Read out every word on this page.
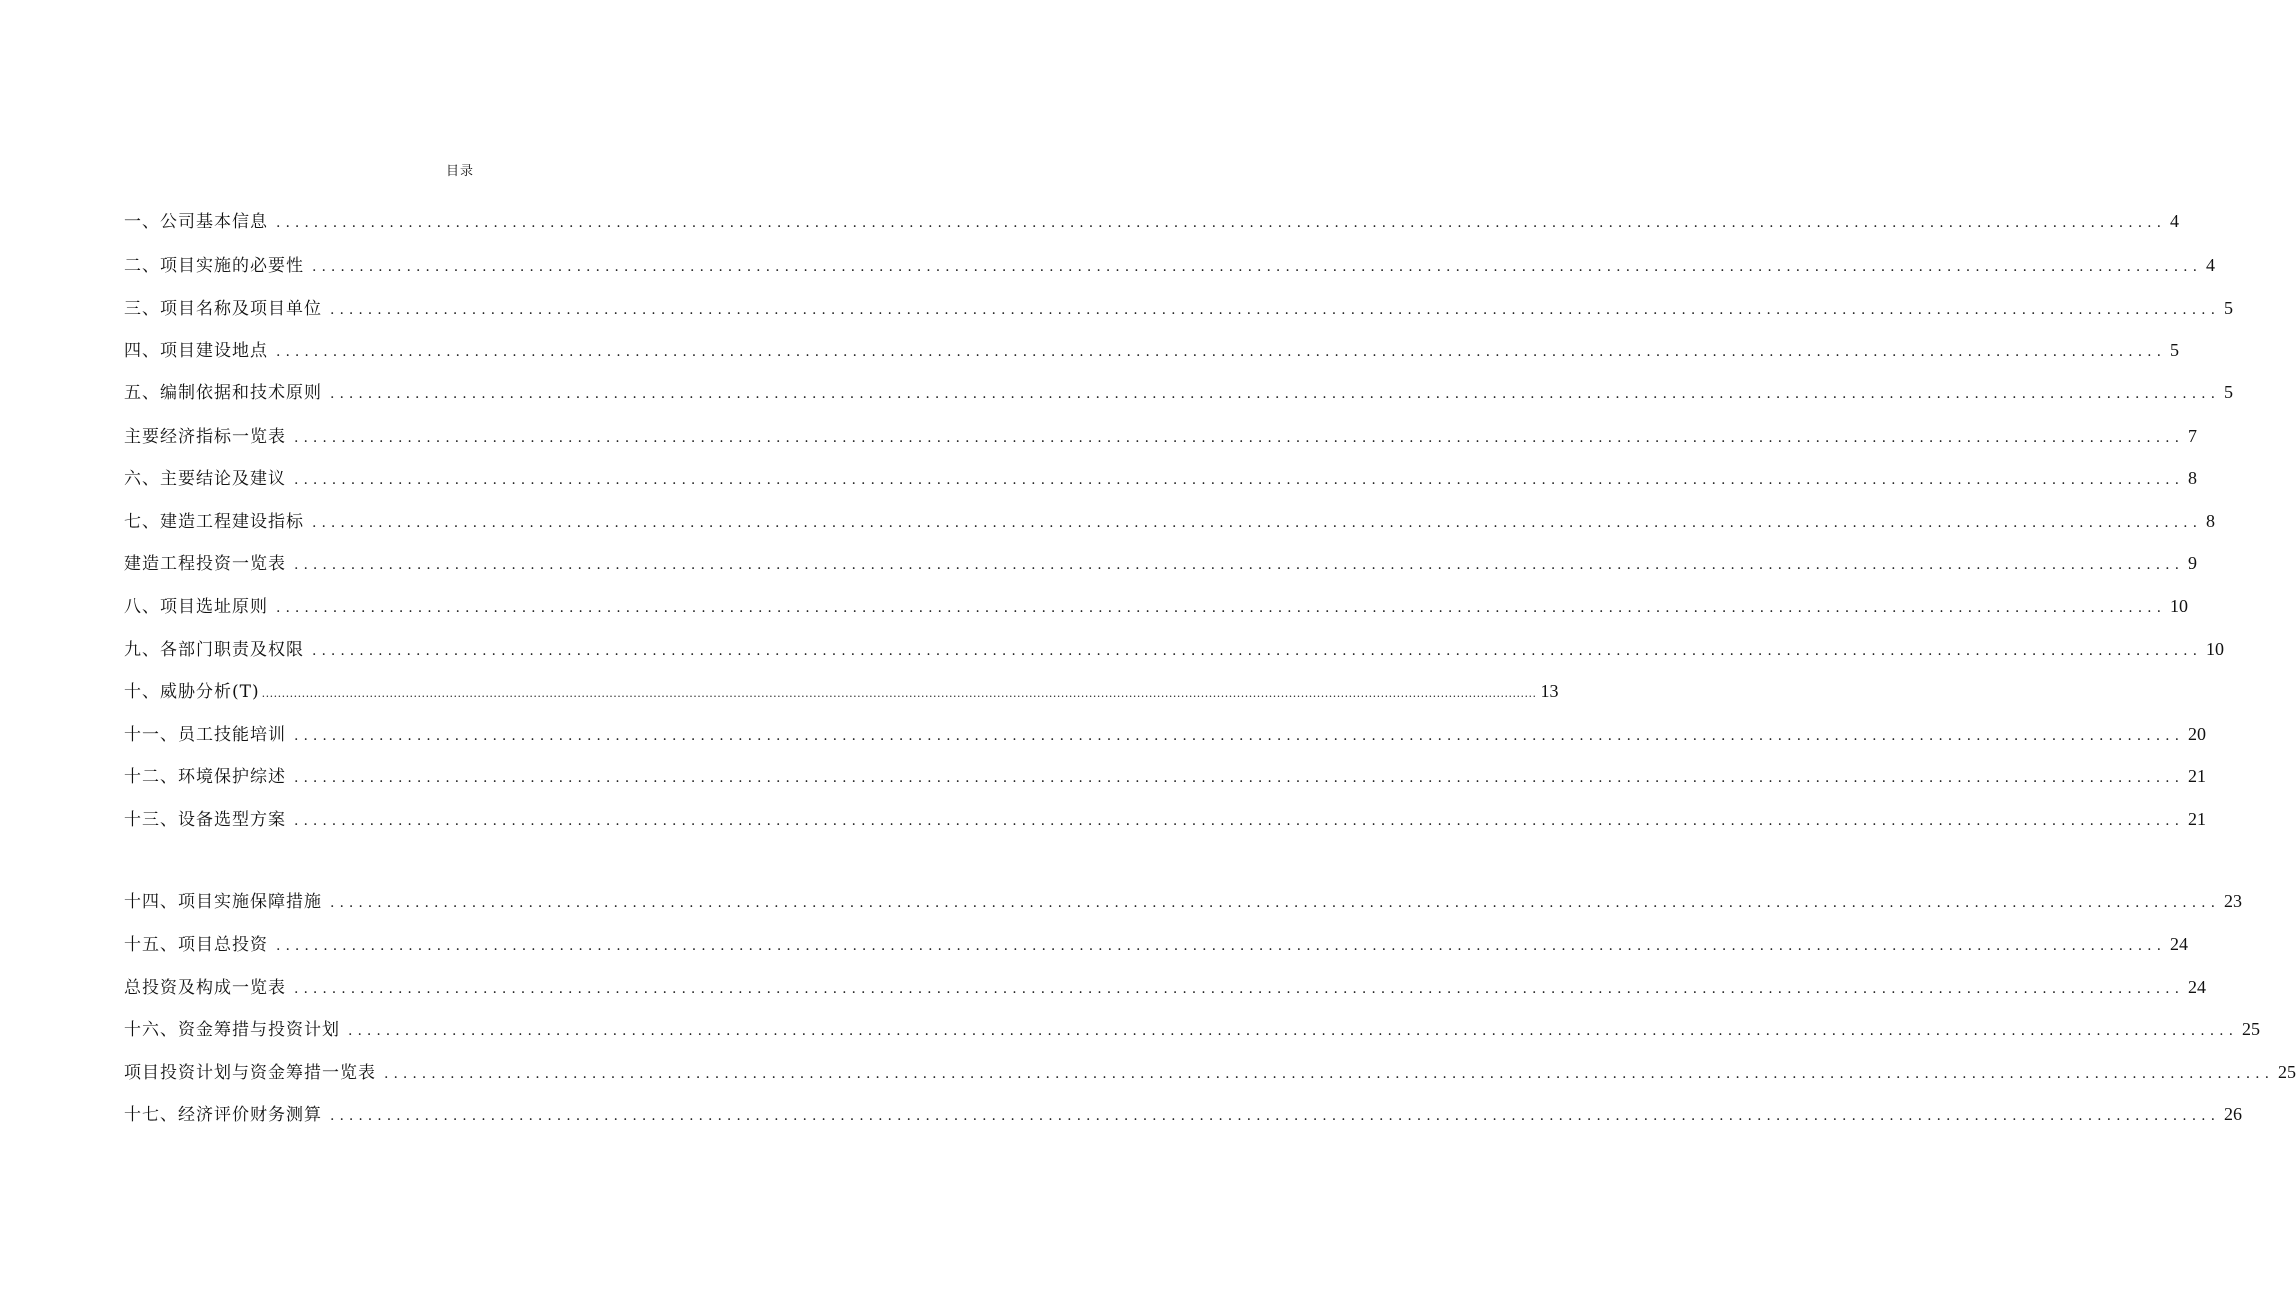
目录
一、公司基本信息 ........................................................................................................................................................................................................ 4
二、项目实施的必要性 ........................................................................................................................................................................................................ 4
三、项目名称及项目单位 ........................................................................................................................................................................................................ 5
四、项目建设地点 ........................................................................................................................................................................................................ 5
五、编制依据和技术原则 ........................................................................................................................................................................................................ 5
主要经济指标一览表 ........................................................................................................................................................................................................ 7
六、主要结论及建议 ........................................................................................................................................................................................................ 8
七、建造工程建设指标 ........................................................................................................................................................................................................ 8
建造工程投资一览表 ........................................................................................................................................................................................................ 9
八、项目选址原则 ........................................................................................................................................................................................................ 10
九、各部门职责及权限 ........................................................................................................................................................................................................ 10
十、威胁分析(T) ............................................................................................................................................................................................................................................................................................................................... 13
十一、员工技能培训 ........................................................................................................................................................................................................ 20
十二、环境保护综述 ........................................................................................................................................................................................................ 21
十三、设备选型方案 ........................................................................................................................................................................................................ 21
十四、项目实施保障措施 ........................................................................................................................................................................................................ 23
十五、项目总投资 ........................................................................................................................................................................................................ 24
总投资及构成一览表 ........................................................................................................................................................................................................ 24
十六、资金筹措与投资计划 ........................................................................................................................................................................................................ 25
项目投资计划与资金筹措一览表 ........................................................................................................................................................................................................ 25
十七、经济评价财务测算 ........................................................................................................................................................................................................ 26
